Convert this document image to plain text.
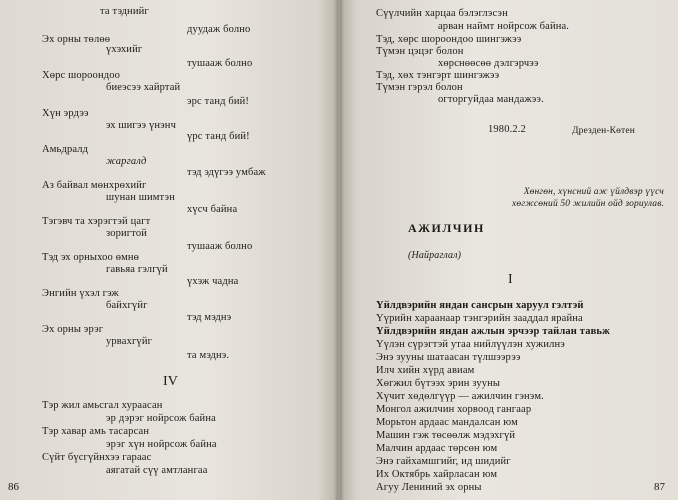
та тэднийг
дуудаж болно
Эх орны төлөө
үхэхийг
тушааж болно
Хөрс шороондоо
биеэсээ хайртай
эрс танд бий!
Хүн эрдээ
эх шигээ үнэнч
үрс танд бий!
Амьдралд
жаргалд
тэд эдүгээ умбаж
Аз байвал мөнхрөхийг
шунан шимтэн
хүсч байна
Тэгэвч та хэрэгтэй цагт
зоригтой
тушааж болно
Тэд эх орныхоо өмнө
гавьяа гэлгүй
үхэж чадна
Энгийн үхэл гэж
байхгүйг
тэд мэднэ
Эх орны эрэг
урвахгүйг
та мэднэ.
IV
Тэр жил амьсгал хураасан
эр дэрэг нойрсож байна
Тэр хавар амь тасарсан
эрэг хүн нойрсож байна
Сүйт бүсгүйнхээ гараас
аягатай сүү амтлангаа
86
Сүүлчийн харцаа бэлэглэсэн
арван наймт нойрсож байна.
Тэд, хөрс шороондоо шингэжээ
Түмэн цэцэг болон
хөрснөөсөө дэлгэрчээ
Тэд, хөх тэнгэрт шингэжээ
Түмэн гэрэл болон
огторгуйдаа мандажээ.
1980.2.2	Дрезден-Көтен
Хөнгөн, хүнсний аж үйлдвэр үүсч
хөгжсөний 50 жилийн ойд зориулав.
АЖИЛЧИН
(Найраглал)
I
Үйлдвэрийн яндан сансрын харуул гэлтэй
Үүрийн хараанаар тэнгэрийн зааддал ярайна
Үйлдвэрийн яндан ажлын эрчээр тайлан тавьж
Үүлэн сүрэгтэй утаа нийлүүлэн хужилнэ
Энэ зууны шатаасан түлшээрээ
Илч хийн хүрд авиам
Хөгжил бүтээх эрин зууны
Хүчит хөдөлгүүр — ажилчин гэнэм.
Монгол ажилчин хорвоод гангаар
Морьтон ардаас мандалсан юм
Машин гэж төсөөлж мэдэхгүй
Малчин ардаас төрсөн юм
Энэ гайхамшгийг, ид шидийг
Их Октябрь хайрласан юм
Агуу Лениний эх орны	87
